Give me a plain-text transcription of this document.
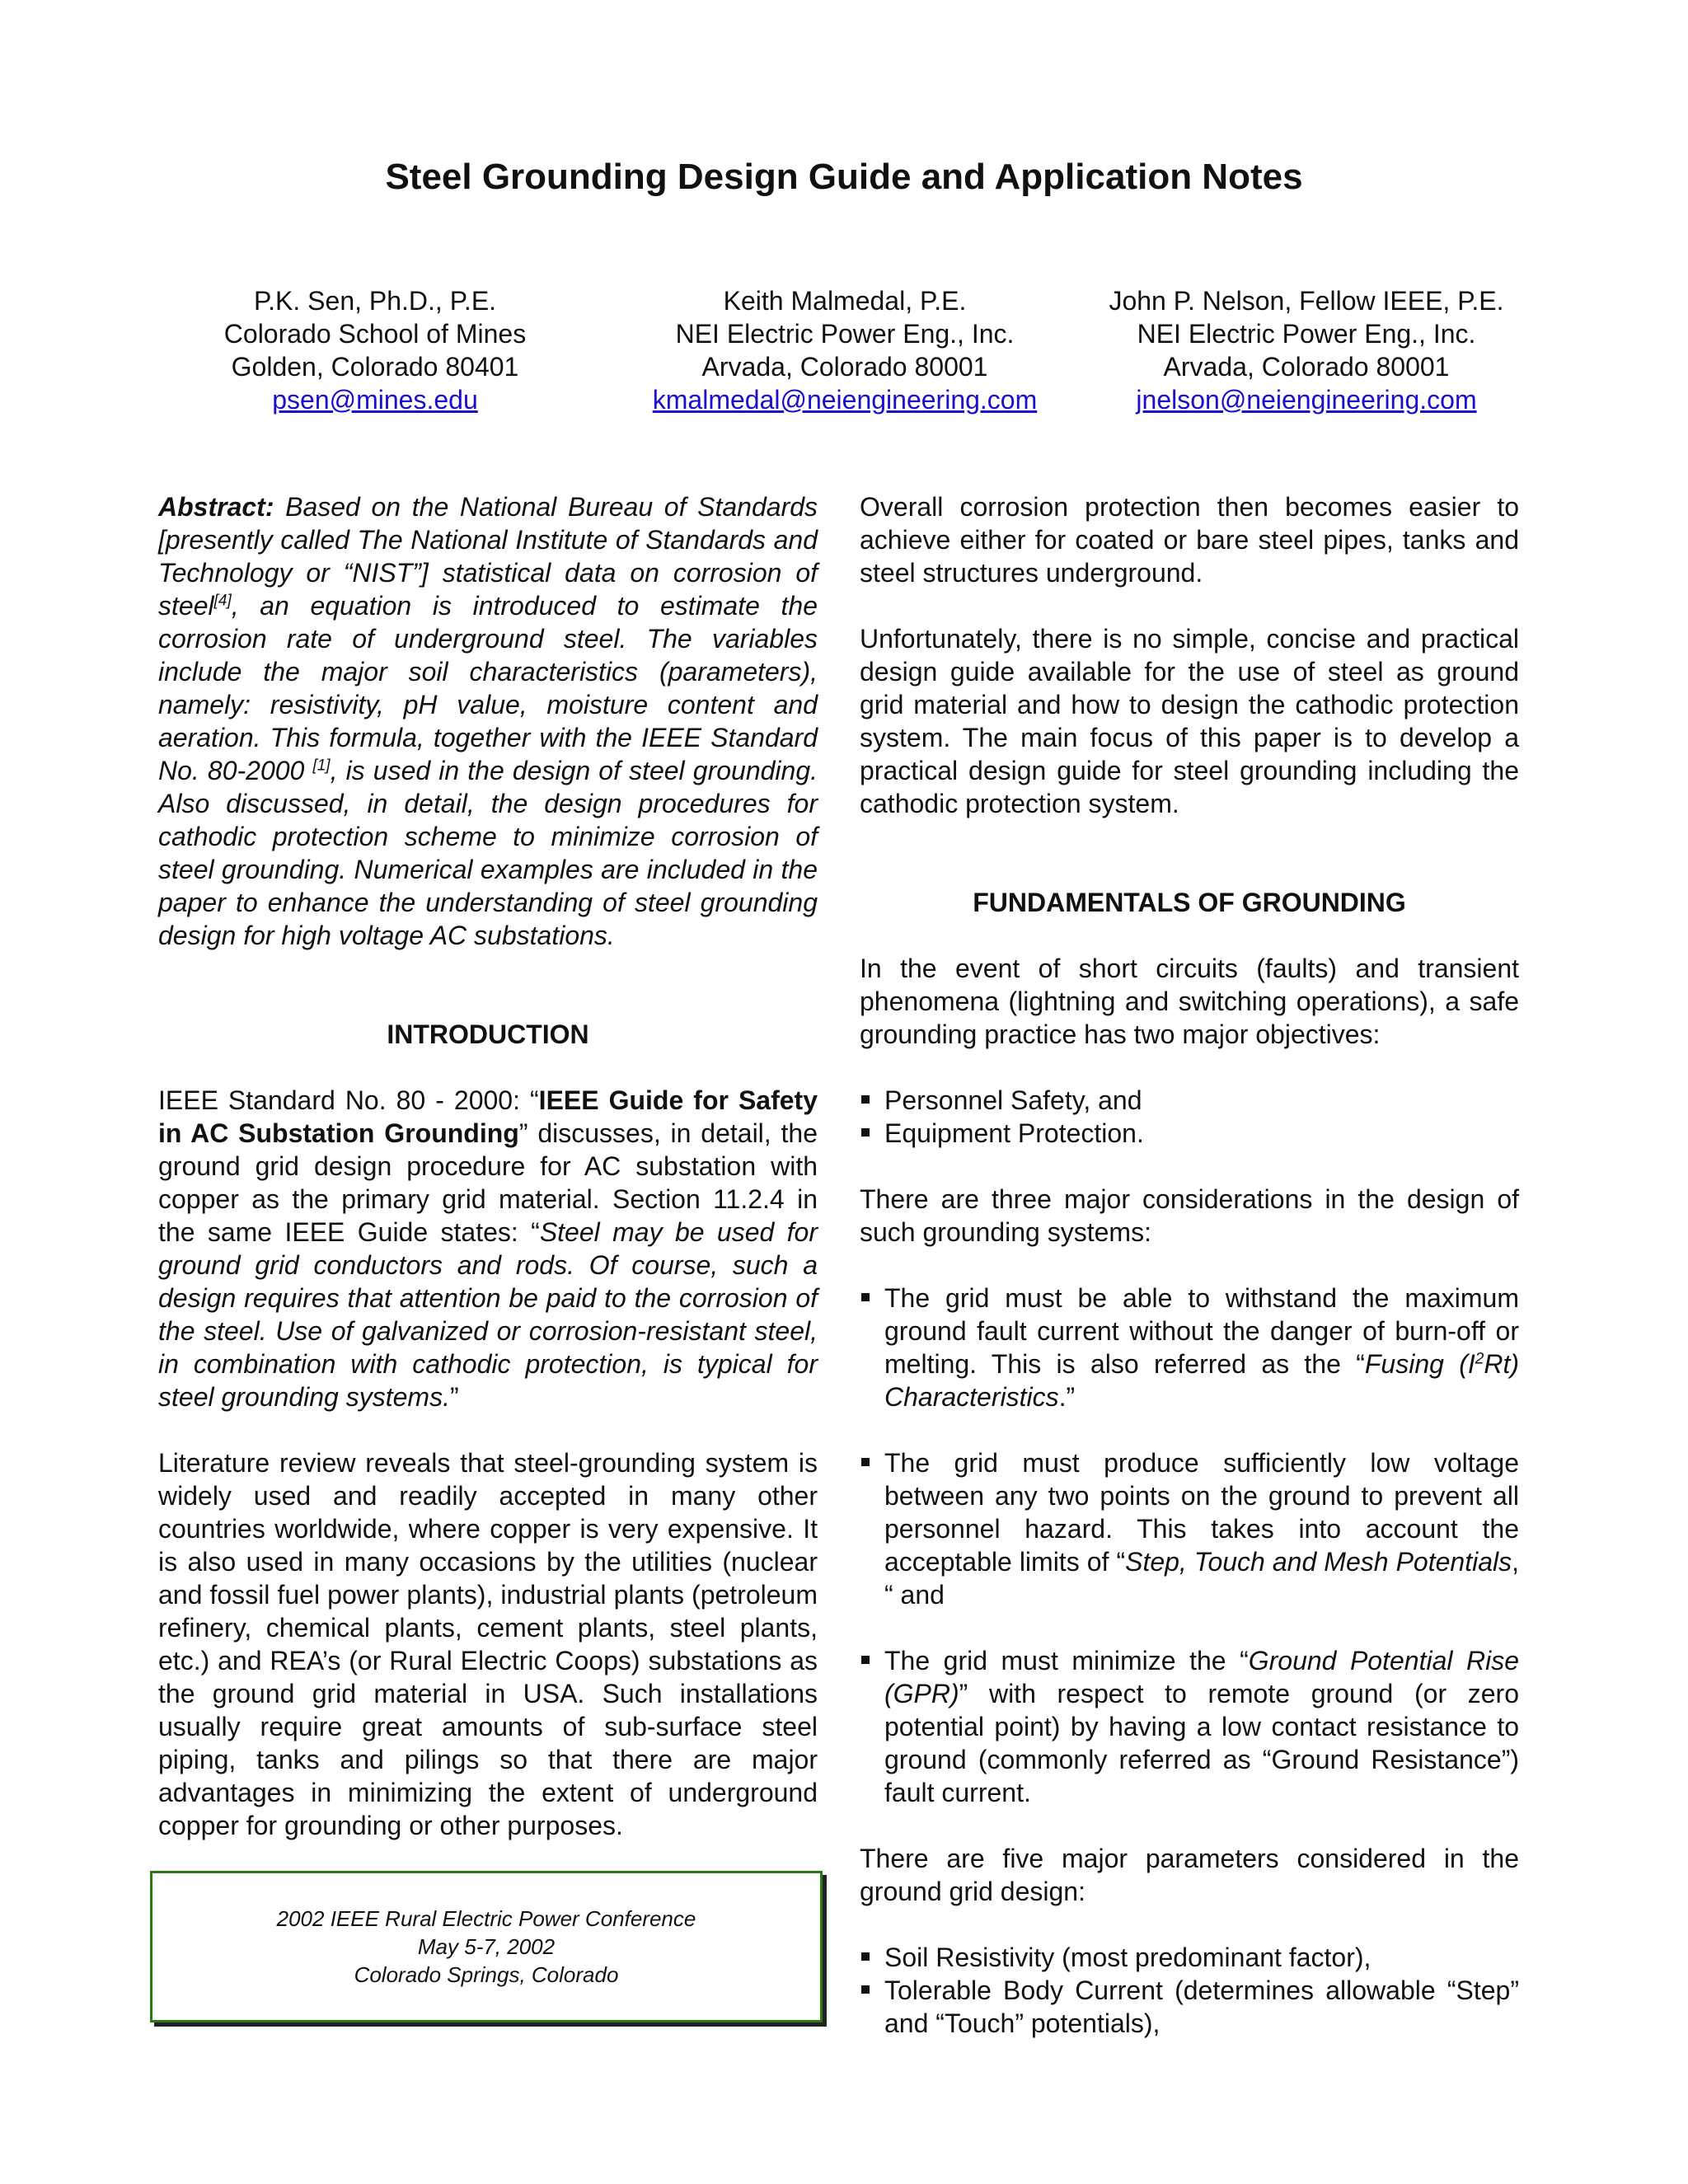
Steel Grounding Design Guide and Application Notes
P.K. Sen, Ph.D., P.E.
Colorado School of Mines
Golden, Colorado 80401
psen@mines.edu
Keith Malmedal, P.E.
NEI Electric Power Eng., Inc.
Arvada, Colorado 80001
kmalmedal@neiengineering.com
John P. Nelson, Fellow IEEE, P.E.
NEI Electric Power Eng., Inc.
Arvada, Colorado 80001
jnelson@neiengineering.com

Abstract: Based on the National Bureau of Standards [presently called The National Institute of Standards and Technology or “NIST”] statistical data on corrosion of steel[4], an equation is introduced to estimate the corrosion rate of underground steel. The variables include the major soil characteristics (parameters), namely: resistivity, pH value, moisture content and aeration. This formula, together with the IEEE Standard No. 80-2000 [1], is used in the design of steel grounding. Also discussed, in detail, the design procedures for cathodic protection scheme to minimize corrosion of steel grounding. Numerical examples are included in the paper to enhance the understanding of steel grounding design for high voltage AC substations.

INTRODUCTION

IEEE Standard No. 80 - 2000: “IEEE Guide for Safety in AC Substation Grounding” discusses, in detail, the ground grid design procedure for AC substation with copper as the primary grid material. Section 11.2.4 in the same IEEE Guide states: “Steel may be used for ground grid conductors and rods. Of course, such a design requires that attention be paid to the corrosion of the steel. Use of galvanized or corrosion-resistant steel, in combination with cathodic protection, is typical for steel grounding systems.”

Literature review reveals that steel-grounding system is widely used and readily accepted in many other countries worldwide, where copper is very expensive. It is also used in many occasions by the utilities (nuclear and fossil fuel power plants), industrial plants (petroleum refinery, chemical plants, cement plants, steel plants, etc.) and REA’s (or Rural Electric Coops) substations as the ground grid material in USA. Such installations usually require great amounts of sub-surface steel piping, tanks and pilings so that there are major advantages in minimizing the extent of underground copper for grounding or other purposes.

2002 IEEE Rural Electric Power Conference
May 5-7, 2002
Colorado Springs, Colorado

Overall corrosion protection then becomes easier to achieve either for coated or bare steel pipes, tanks and steel structures underground.

Unfortunately, there is no simple, concise and practical design guide available for the use of steel as ground grid material and how to design the cathodic protection system. The main focus of this paper is to develop a practical design guide for steel grounding including the cathodic protection system.

FUNDAMENTALS OF GROUNDING

In the event of short circuits (faults) and transient phenomena (lightning and switching operations), a safe grounding practice has two major objectives:

Personnel Safety, and
Equipment Protection.

There are three major considerations in the design of such grounding systems:

The grid must be able to withstand the maximum ground fault current without the danger of burn-off or melting. This is also referred as the “Fusing $(I^2Rt)$ Characteristics.”
The grid must produce sufficiently low voltage between any two points on the ground to prevent all personnel hazard. This takes into account the acceptable limits of “Step, Touch and Mesh Potentials, “ and
The grid must minimize the “Ground Potential Rise (GPR)” with respect to remote ground (or zero potential point) by having a low contact resistance to ground (commonly referred as “Ground Resistance”) fault current.

There are five major parameters considered in the ground grid design:

Soil Resistivity (most predominant factor),
Tolerable Body Current (determines allowable “Step” and “Touch” potentials),
